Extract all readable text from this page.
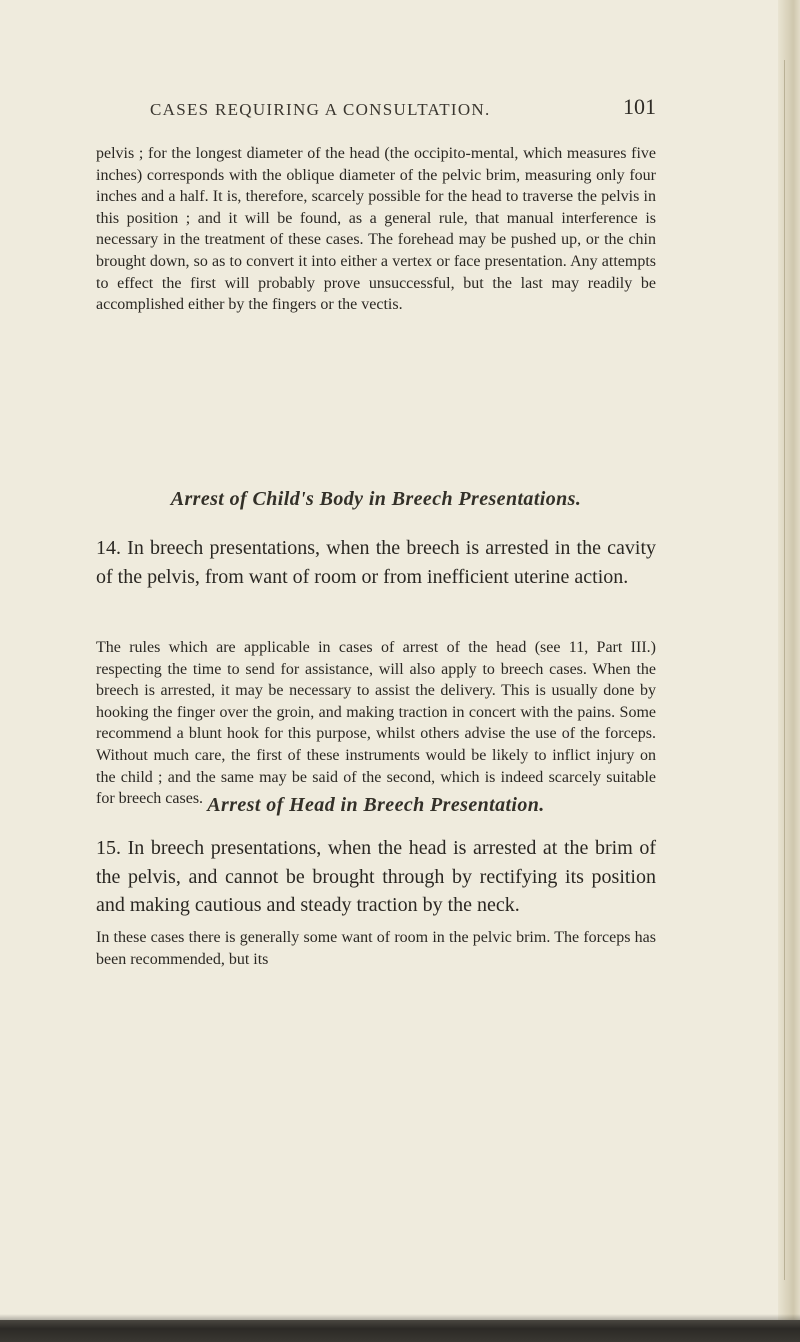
CASES REQUIRING A CONSULTATION.	101

pelvis ; for the longest diameter of the head (the occipito-mental, which measures five inches) corresponds with the oblique diameter of the pelvic brim, measuring only four inches and a half. It is, therefore, scarcely possible for the head to traverse the pelvis in this position ; and it will be found, as a general rule, that manual interference is necessary in the treatment of these cases. The forehead may be pushed up, or the chin brought down, so as to convert it into either a vertex or face presentation. Any attempts to effect the first will probably prove unsuccessful, but the last may readily be accomplished either by the fingers or the vectis.

Arrest of Child's Body in Breech Presentations.

14. In breech presentations, when the breech is arrested in the cavity of the pelvis, from want of room or from inefficient uterine action.

The rules which are applicable in cases of arrest of the head (see 11, Part III.) respecting the time to send for assistance, will also apply to breech cases. When the breech is arrested, it may be necessary to assist the delivery. This is usually done by hooking the finger over the groin, and making traction in concert with the pains. Some recommend a blunt hook for this purpose, whilst others advise the use of the forceps. Without much care, the first of these instruments would be likely to inflict injury on the child ; and the same may be said of the second, which is indeed scarcely suitable for breech cases. Arrest of Head in Breech Presentation.

15. In breech presentations, when the head is arrested at the brim of the pelvis, and cannot be brought through by rectifying its position and making cautious and steady traction by the neck.

In these cases there is generally some want of room in the pelvic brim. The forceps has been recommended, but its
